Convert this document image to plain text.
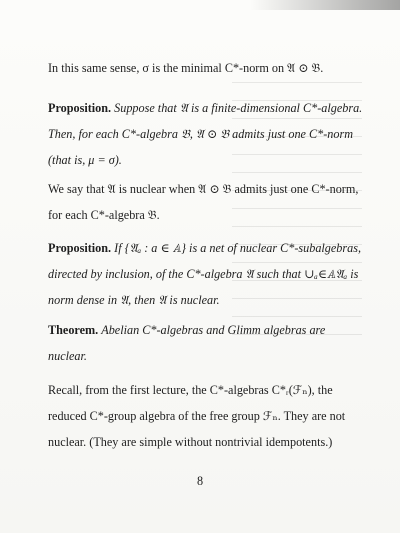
In this same sense, σ is the minimal C*-norm on 𝔄 ⊙ 𝔅.
Proposition. Suppose that 𝔄 is a finite-dimensional C*-algebra. Then, for each C*-algebra 𝔅, 𝔄 ⊙ 𝔅 admits just one C*-norm (that is, μ = σ).
We say that 𝔄 is nuclear when 𝔄 ⊙ 𝔅 admits just one C*-norm, for each C*-algebra 𝔅.
Proposition. If {𝔄ₐ : a ∈ 𝔸} is a net of nuclear C*-subalgebras, directed by inclusion, of the C*-algebra 𝔄 such that ∪ₐ∈𝔸𝔄ₐ is norm dense in 𝔄, then 𝔄 is nuclear.
Theorem. Abelian C*-algebras and Glimm algebras are nuclear.
Recall, from the first lecture, the C*-algebras C*ᵣ(ℱₙ), the reduced C*-group algebra of the free group ℱₙ. They are not nuclear. (They are simple without nontrivial idempotents.)
8
